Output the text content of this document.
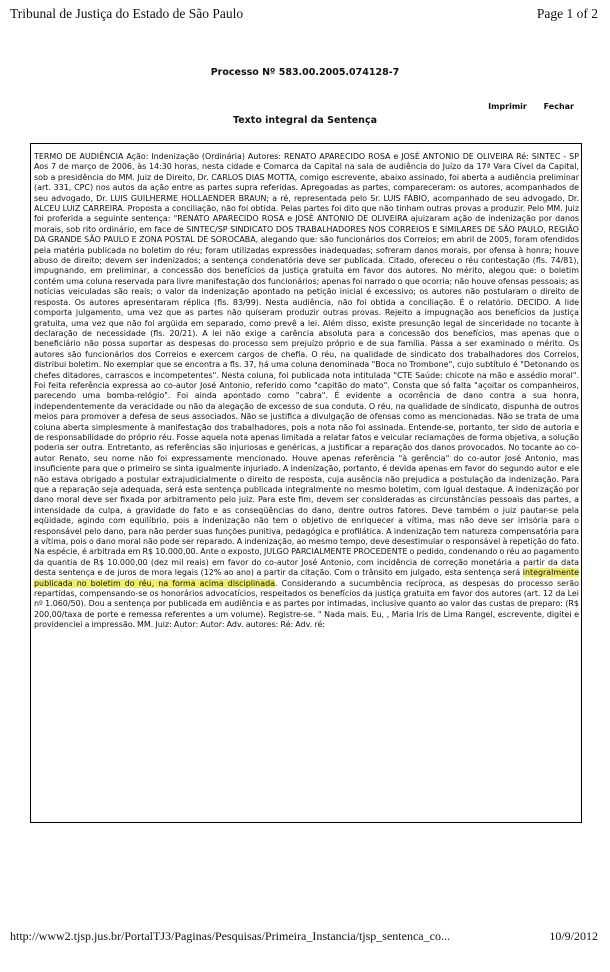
Tribunal de Justiça do Estado de São Paulo	Page 1 of 2
Processo Nº 583.00.2005.074128-7
Imprimir Fechar
Texto integral da Sentença

TERMO DE AUDIÊNCIA Ação: Indenização (Ordinária) Autores: RENATO APARECIDO ROSA e JOSÉ ANTONIO DE OLIVEIRA Ré: SINTEC - SP Aos 7 de março de 2006, às 14:30 horas, nesta cidade e Comarca da Capital na sala de audiência do Juízo da 17ª Vara Cível da Capital, sob a presidência do MM. Juiz de Direito, Dr. CARLOS DIAS MOTTA, comigo escrevente, abaixo assinado, foi aberta a audiência preliminar (art. 331, CPC) nos autos da ação entre as partes supra referidas. Apregoadas as partes, compareceram: os autores, acompanhados de seu advogado, Dr. LUIS GUILHERME HOLLAENDER BRAUN; a ré, representada pelo Sr. LUIS FÁBIO, acompanhado de seu advogado, Dr. ALCEU LUIZ CARREIRA. Proposta a conciliação, não foi obtida. Pelas partes foi dito que não tinham outras provas a produzir. Pelo MM. Juiz foi proferida a seguinte sentença: "RENATO APARECIDO ROSA e JOSÉ ANTONIO DE OLIVEIRA ajuizaram ação de indenização por danos morais, sob rito ordinário, em face de SINTEC/SP SINDICATO DOS TRABALHADORES NOS CORREIOS E SIMILARES DE SÃO PAULO, REGIÃO DA GRANDE SÃO PAULO E ZONA POSTAL DE SOROCABA, alegando que: são funcionários dos Correios; em abril de 2005, foram ofendidos pela matéria publicada no boletim do réu; foram utilizadas expressões inadequadas; sofreram danos morais, por ofensa à honra; houve abuso de direito; devem ser indenizados; a sentença condenatória deve ser publicada. Citado, ofereceu o réu contestação (fls. 74/81), impugnando, em preliminar, a concessão dos benefícios da justiça gratuita em favor dos autores. No mérito, alegou que: o boletim contém uma coluna reservada para livre manifestação dos funcionários; apenas foi narrado o que ocorria; não houve ofensas pessoais; as notícias veiculadas são reais; o valor da indenização apontado na petição inicial é excessivo; os autores não postularam o direito de resposta. Os autores apresentaram réplica (fls. 83/99). Nesta audiência, não foi obtida a conciliação. É o relatório. DECIDO. A lide comporta julgamento, uma vez que as partes não quiseram produzir outras provas. Rejeito a impugnação aos benefícios da justiça gratuita, uma vez que não foi argüida em separado, como prevê a lei. Além disso, existe presunção legal de sinceridade no tocante à declaração de necessidade (fls. 20/21). A lei não exige a carência absoluta para a concessão dos benefícios, mas apenas que o beneficiário não possa suportar as despesas do processo sem prejuízo próprio e de sua família. Passa a ser examinado o mérito. Os autores são funcionários dos Correios e exercem cargos de chefia. O réu, na qualidade de sindicato dos trabalhadores dos Correios, distribui boletim. No exemplar que se encontra a fls. 37, há uma coluna denominada "Boca no Trombone", cujo subtítulo é "Detonando os chefes ditadores, carrascos e incompetentes". Nesta coluna, foi publicada nota intitulada "CTE Saúde: chicote na mão e assédio moral". Foi feita referência expressa ao co-autor José Antonio, referido como "capitão do mato". Consta que só falta "açoitar os companheiros, parecendo uma bomba-relógio". Foi ainda apontado como "cabra". É evidente a ocorrência de dano contra a sua honra, independentemente da veracidade ou não da alegação de excesso de sua conduta. O réu, na qualidade de sindicato, dispunha de outros meios para promover a defesa de seus associados. Não se justifica a divulgação de ofensas como as mencionadas. Não se trata de uma coluna aberta simplesmente à manifestação dos trabalhadores, pois a nota não foi assinada. Entende-se, portanto, ter sido de autoria e de responsabilidade do próprio réu. Fosse aquela nota apenas limitada a relatar fatos e veicular reclamações de forma objetiva, a solução poderia ser outra. Entretanto, as referências são injuriosas e genéricas, a justificar a reparação dos danos provocados. No tocante ao co-autor Renato, seu nome não foi expressamente mencionado. Houve apenas referência "à gerência" do co-autor José Antonio, mas insuficiente para que o primeiro se sinta igualmente injuriado. A indenização, portanto, é devida apenas em favor do segundo autor e ele não estava obrigado a postular extrajudicialmente o direito de resposta, cuja ausência não prejudica a postulação da indenização. Para que a reparação seja adequada, será esta sentença publicada integralmente no mesmo boletim, com igual destaque. A indenização por dano moral deve ser fixada por arbitramento pelo juiz. Para este fim, devem ser consideradas as circunstâncias pessoais das partes, a intensidade da culpa, a gravidade do fato e as conseqüências do dano, dentre outros fatores. Deve também o juiz pautar-se pela eqüidade, agindo com equilíbrio, pois a indenização não tem o objetivo de enriquecer a vítima, mas não deve ser irrisória para o responsável pelo dano, para não perder suas funções punitiva, pedagógica e profilática. A indenização tem natureza compensatória para a vítima, pois o dano moral não pode ser reparado. A indenização, ao mesmo tempo, deve desestimular o responsável à repetição do fato. Na espécie, é arbitrada em R$ 10.000,00. Ante o exposto, JULGO PARCIALMENTE PROCEDENTE o pedido, condenando o réu ao pagamento da quantia de R$ 10.000,00 (dez mil reais) em favor do co-autor José Antonio, com incidência de correção monetária a partir da data desta sentença e de juros de mora legais (12% ao ano) a partir da citação. Com o trânsito em julgado, esta sentença será integralmente publicada no boletim do réu, na forma acima disciplinada. Considerando a sucumbência recíproca, as despesas do processo serão repartidas, compensando-se os honorários advocatícios, respeitados os benefícios da justiça gratuita em favor dos autores (art. 12 da Lei nº 1.060/50). Dou a sentença por publicada em audiência e as partes por intimadas, inclusive quanto ao valor das custas de preparo: (R$ 200,00/taxa de porte e remessa referentes a um volume). Registre-se. " Nada mais. Eu, , Maria Iris de Lima Rangel, escrevente, digitei e providenciei a impressão. MM. Juiz: Autor: Autor: Adv. autores: Ré: Adv. ré:

http://www2.tjsp.jus.br/PortalTJ3/Paginas/Pesquisas/Primeira_Instancia/tjsp_sentenca_co...	10/9/2012
